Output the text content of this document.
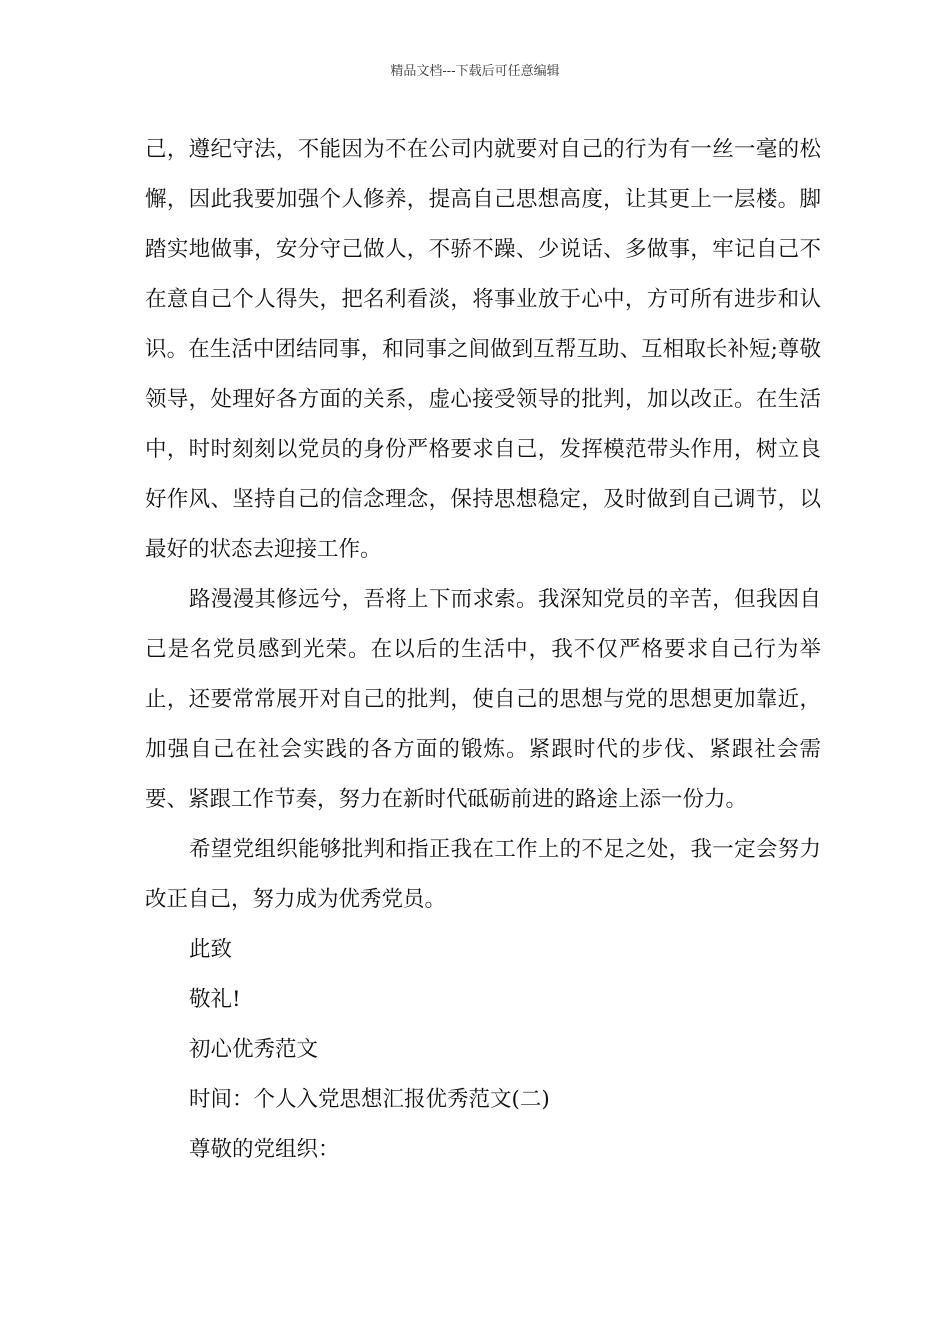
精品文档---下载后可任意编辑

己，遵纪守法，不能因为不在公司内就要对自己的行为有一丝一毫的松懈，因此我要加强个人修养，提高自己思想高度，让其更上一层楼。脚踏实地做事，安分守己做人，不骄不躁、少说话、多做事，牢记自己不在意自己个人得失，把名利看淡，将事业放于心中，方可所有进步和认识。在生活中团结同事，和同事之间做到互帮互助、互相取长补短;尊敬领导，处理好各方面的关系，虚心接受领导的批判，加以改正。在生活中，时时刻刻以党员的身份严格要求自己，发挥模范带头作用，树立良好作风、坚持自己的信念理念，保持思想稳定，及时做到自己调节，以最好的状态去迎接工作。

路漫漫其修远兮，吾将上下而求索。我深知党员的辛苦，但我因自己是名党员感到光荣。在以后的生活中，我不仅严格要求自己行为举止，还要常常展开对自己的批判，使自己的思想与党的思想更加靠近，加强自己在社会实践的各方面的锻炼。紧跟时代的步伐、紧跟社会需要、紧跟工作节奏，努力在新时代砥砺前进的路途上添一份力。

希望党组织能够批判和指正我在工作上的不足之处，我一定会努力改正自己，努力成为优秀党员。

此致

敬礼!

初心优秀范文

时间：个人入党思想汇报优秀范文(二)

尊敬的党组织：
